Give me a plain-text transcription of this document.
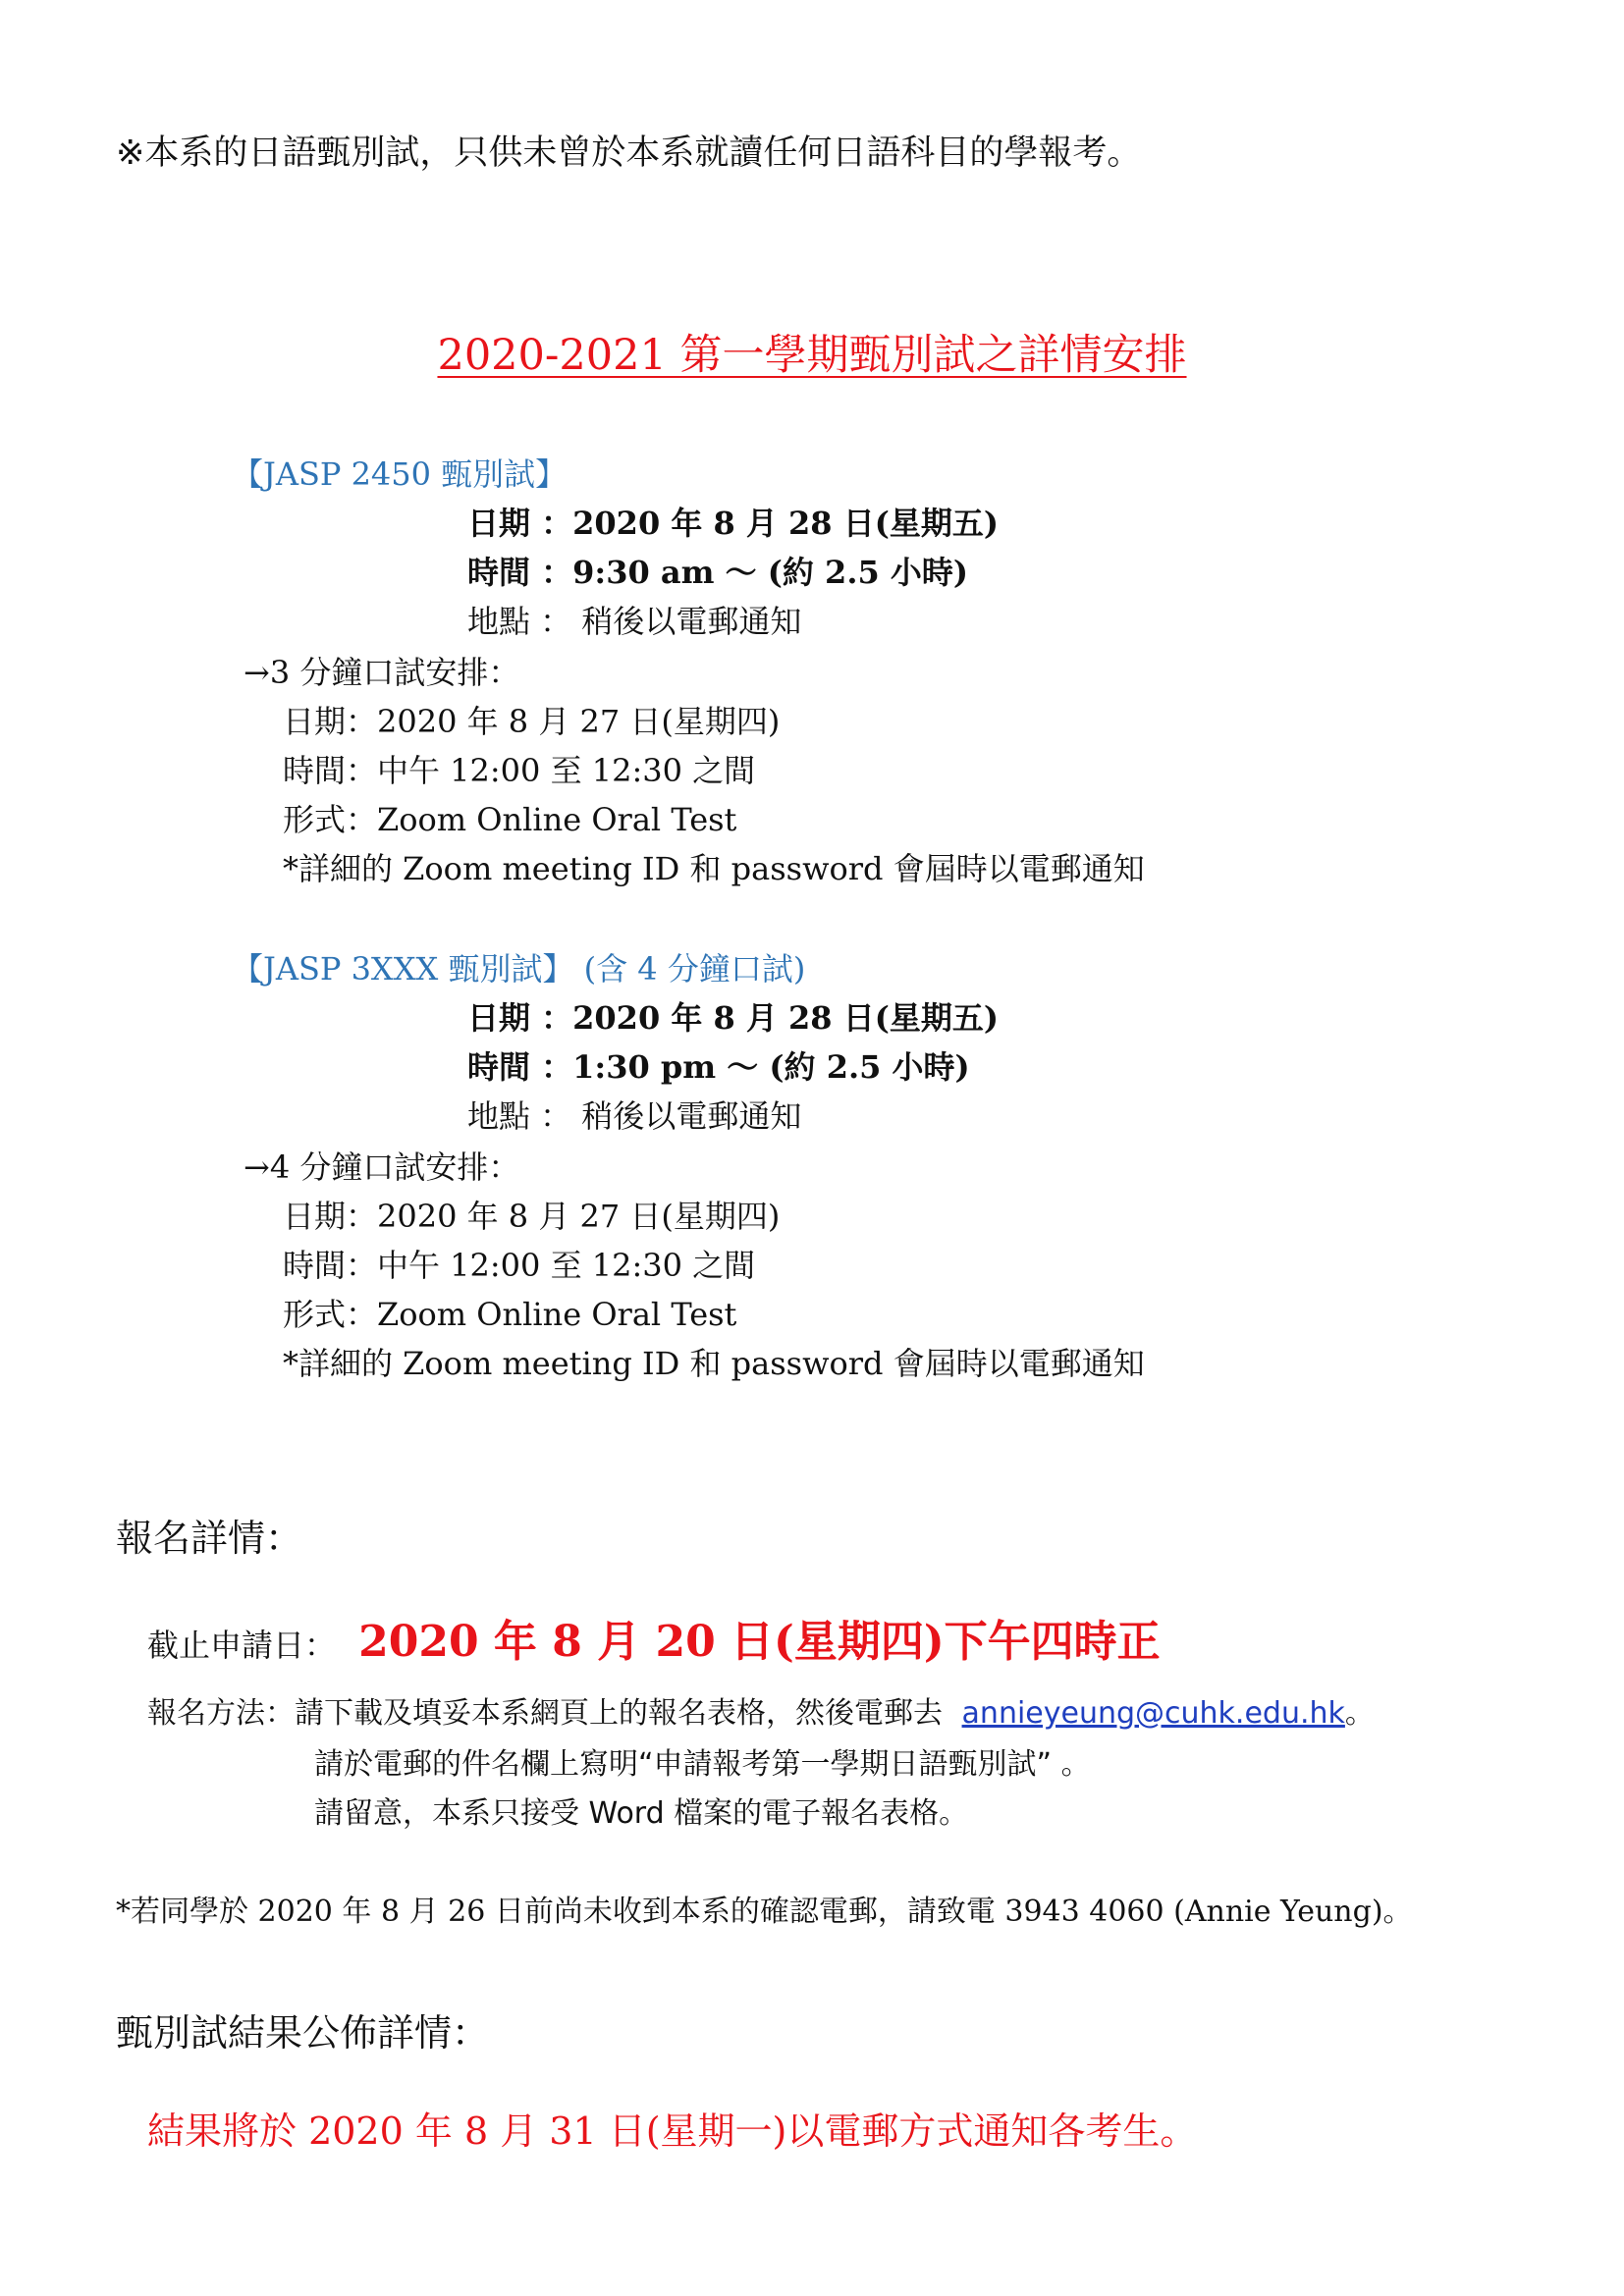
※本系的日語甄別試，只供未曾於本系就讀任何日語科目的學報考。
2020-2021 第一學期甄別試之詳情安排
【JASP 2450 甄別試】
日期 ：2020 年 8 月 28 日(星期五)
時間 ：9:30 am ～ (約 2.5 小時)
地點 ： 稍後以電郵通知
→3 分鐘口試安排：
日期：2020 年 8 月 27 日(星期四)
時間：中午 12:00 至 12:30 之間
形式：Zoom Online Oral Test
*詳細的 Zoom meeting ID 和 password 會屆時以電郵通知
【JASP 3XXX 甄別試】 (含 4 分鐘口試)
日期 ：2020 年 8 月 28 日(星期五)
時間 ：1:30 pm ～ (約 2.5 小時)
地點 ： 稍後以電郵通知
→4 分鐘口試安排：
日期：2020 年 8 月 27 日(星期四)
時間：中午 12:00 至 12:30 之間
形式：Zoom Online Oral Test
*詳細的 Zoom meeting ID 和 password 會屆時以電郵通知
報名詳情：
截止申請日： 2020 年 8 月 20 日(星期四)下午四時正
報名方法：請下載及填妥本系網頁上的報名表格，然後電郵去 annieyeung@cuhk.edu.hk。
請於電郵的件名欄上寫明“申請報考第一學期日語甄別試” 。
請留意，本系只接受 Word 檔案的電子報名表格。
*若同學於 2020 年 8 月 26 日前尚未收到本系的確認電郵，請致電 3943 4060 (Annie Yeung)。
甄別試結果公佈詳情：
結果將於 2020 年 8 月 31 日(星期一)以電郵方式通知各考生。
